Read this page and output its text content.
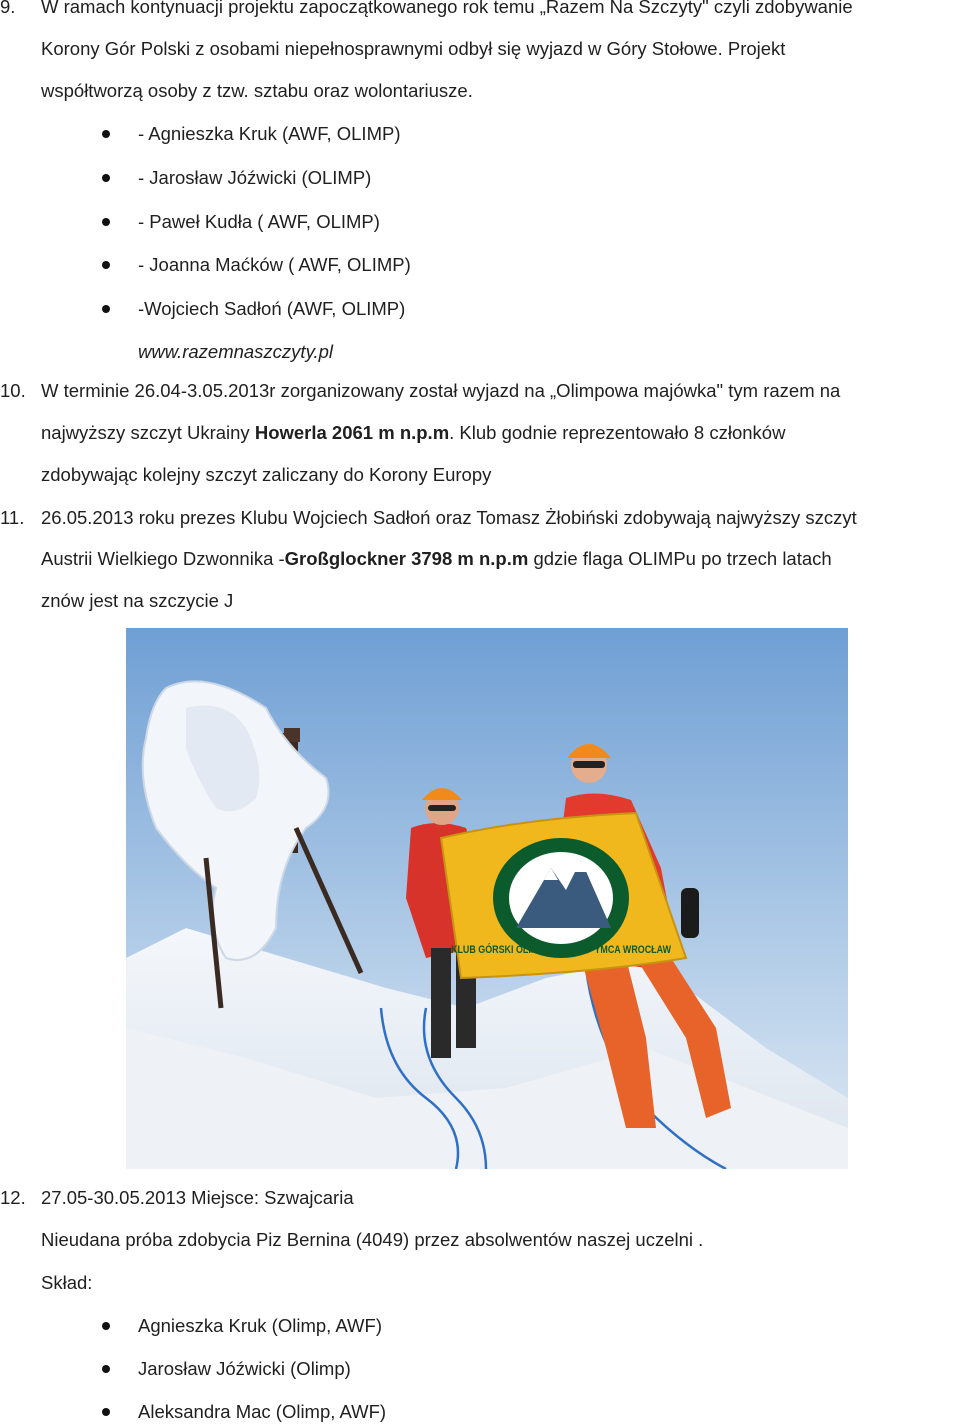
9. W ramach kontynuacji projektu zapoczątkowanego rok temu „Razem Na Szczyty" czyli zdobywanie
Korony Gór Polski z osobami niepełnosprawnymi odbył się wyjazd w Góry Stołowe. Projekt
współtworzą osoby z tzw. sztabu oraz wolontariusze.
- Agnieszka Kruk (AWF, OLIMP)
- Jarosław Jóźwicki (OLIMP)
- Paweł Kudła ( AWF, OLIMP)
- Joanna Maćków ( AWF, OLIMP)
-Wojciech Sadłoń (AWF, OLIMP)
www.razemnaszczyty.pl
10. W terminie 26.04-3.05.2013r zorganizowany został wyjazd na „Olimpowa majówka" tym razem na
najwyższy szczyt Ukrainy Howerla 2061 m n.p.m. Klub godnie reprezentowało 8 członków
zdobywając kolejny szczyt zaliczany do Korony Europy
11. 26.05.2013 roku prezes Klubu Wojciech Sadłoń oraz Tomasz Żłobiński zdobywają najwyższy szczyt
Austrii Wielkiego Dzwonnika -Großglockner 3798 m n.p.m gdzie flaga OLIMPu po trzech latach
znów jest na szczycie J
KLUB GÓRSKI OLIMP PRZY AWF YMCA WROCŁAW
12. 27.05-30.05.2013 Miejsce: Szwajcaria
Nieudana próba zdobycia Piz Bernina (4049) przez absolwentów naszej uczelni .
Skład:
Agnieszka Kruk (Olimp, AWF)
Jarosław Jóźwicki (Olimp)
Aleksandra Mac (Olimp, AWF)
